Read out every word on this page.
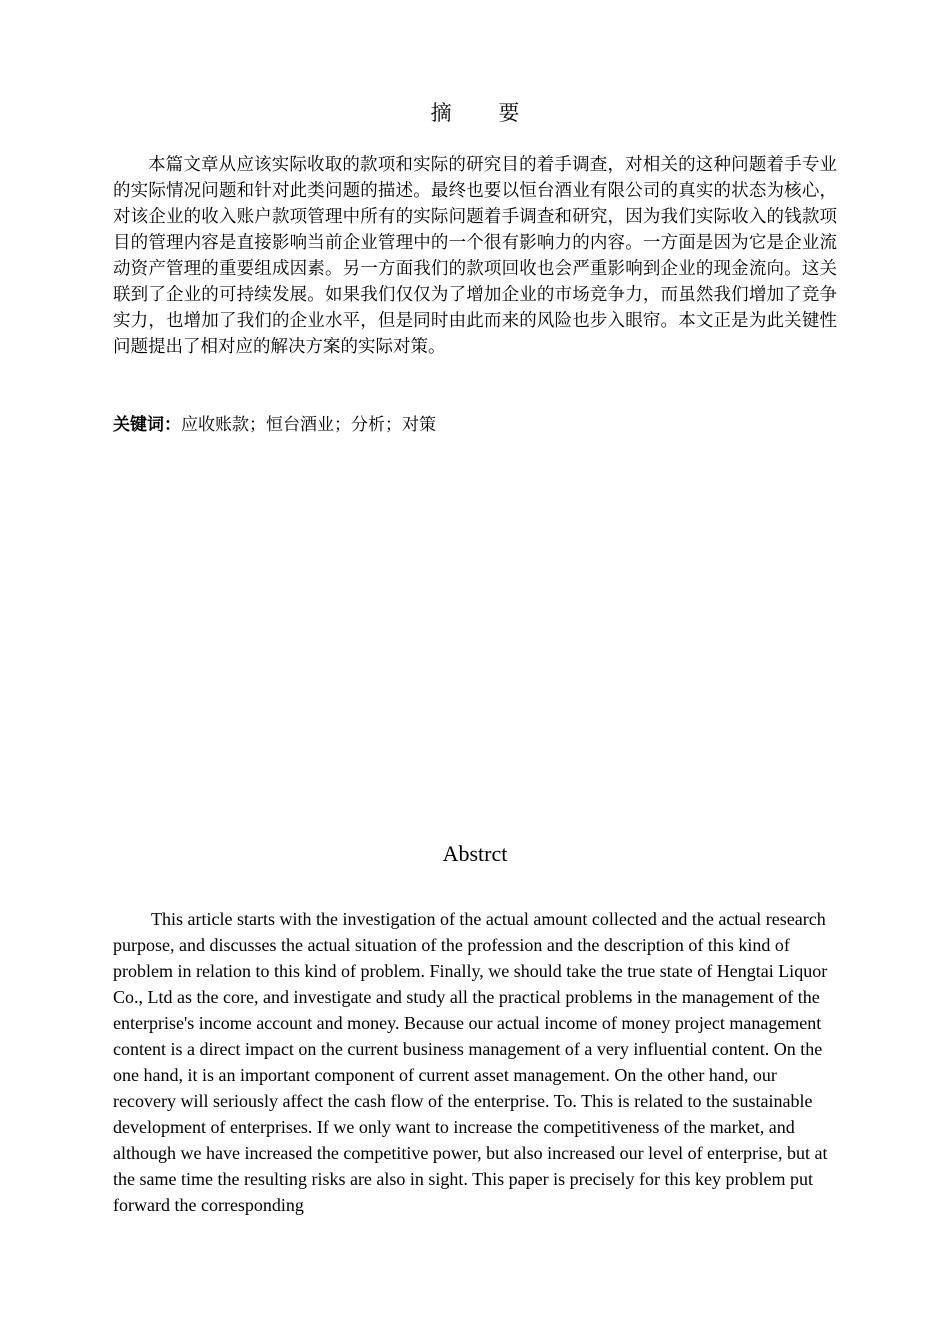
摘 要

本篇文章从应该实际收取的款项和实际的研究目的着手调查，对相关的这种问题着手专业的实际情况问题和针对此类问题的描述。最终也要以恒台酒业有限公司的真实的状态为核心，对该企业的收入账户款项管理中所有的实际问题着手调查和研究，因为我们实际收入的钱款项目的管理内容是直接影响当前企业管理中的一个很有影响力的内容。一方面是因为它是企业流动资产管理的重要组成因素。另一方面我们的款项回收也会严重影响到企业的现金流向。这关联到了企业的可持续发展。如果我们仅仅为了增加企业的市场竞争力，而虽然我们增加了竞争实力，也增加了我们的企业水平，但是同时由此而来的风险也步入眼帘。本文正是为此关键性问题提出了相对应的解决方案的实际对策。

关键词：应收账款；恒台酒业；分析；对策
Abstrct

This article starts with the investigation of the actual amount collected and the actual research purpose, and discusses the actual situation of the profession and the description of this kind of problem in relation to this kind of problem. Finally, we should take the true state of Hengtai Liquor Co., Ltd as the core, and investigate and study all the practical problems in the management of the enterprise's income account and money. Because our actual income of money project management content is a direct impact on the current business management of a very influential content. On the one hand, it is an important component of current asset management. On the other hand, our recovery will seriously affect the cash flow of the enterprise. To. This is related to the sustainable development of enterprises. If we only want to increase the competitiveness of the market, and although we have increased the competitive power, but also increased our level of enterprise, but at the same time the resulting risks are also in sight. This paper is precisely for this key problem put forward the corresponding
